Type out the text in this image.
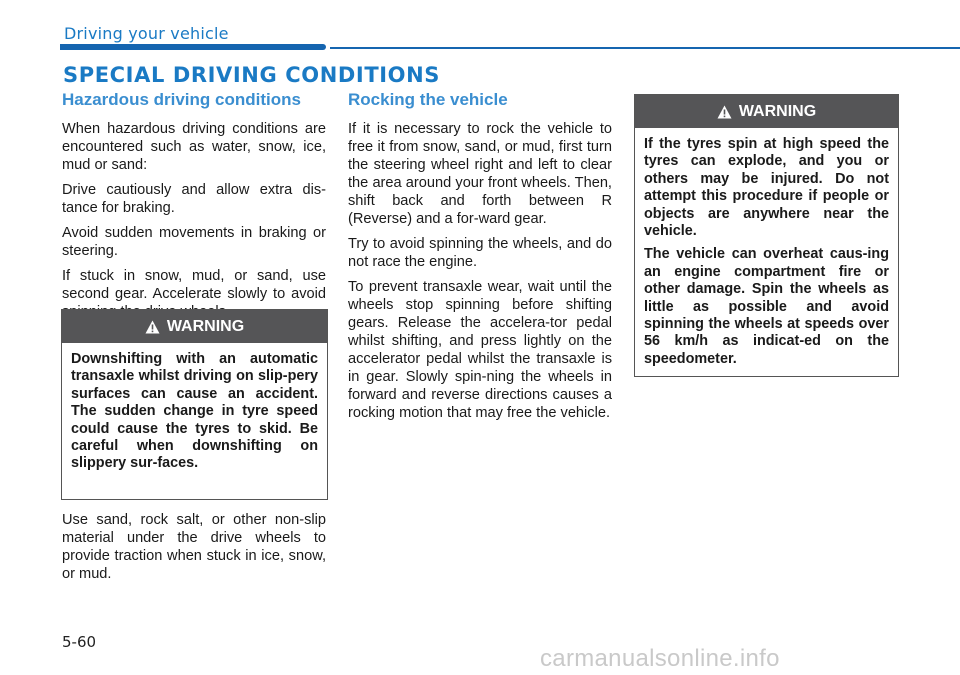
Driving your vehicle
SPECIAL DRIVING CONDITIONS
Hazardous driving conditions

When hazardous driving conditions are encountered such as water, snow, ice, mud or sand:

Drive cautiously and allow extra dis-tance for braking.

Avoid sudden movements in braking or steering.

If stuck in snow, mud, or sand, use second gear. Accelerate slowly to avoid

WARNING

Downshifting with an automatic transaxle whilst driving on slip-pery surfaces can cause an accident. The sudden change in tyre speed could cause the tyres to skid. Be careful when downshifting on slippery sur-faces.

Use sand, rock salt, or other non-slip material under the drive wheels to provide traction when stuck in ice, snow, or mud.

Rocking the vehicle

If it is necessary to rock the vehicle to free it from snow, sand, or mud, first turn the steering wheel right and left to clear the area around your front wheels. Then, shift back and forth between R (Reverse) and a for-ward gear.

Try to avoid spinning the wheels, and do not race the engine.

To prevent transaxle wear, wait until the wheels stop spinning before shifting gears. Release the accelera-tor pedal whilst shifting, and press lightly on the accelerator pedal whilst the transaxle is in gear. Slowly spin-ning the wheels in forward and reverse directions causes a rocking motion that may free the vehicle.

WARNING

If the tyres spin at high speed the tyres can explode, and you or others may be injured. Do not attempt this procedure if people or objects are anywhere near the vehicle.

The vehicle can overheat caus-ing an engine compartment fire or other damage. Spin the wheels as little as possible and avoid spinning the wheels at speeds over 56 km/h as indicat-ed on the speedometer.

5-60
carmanualsonline.info
